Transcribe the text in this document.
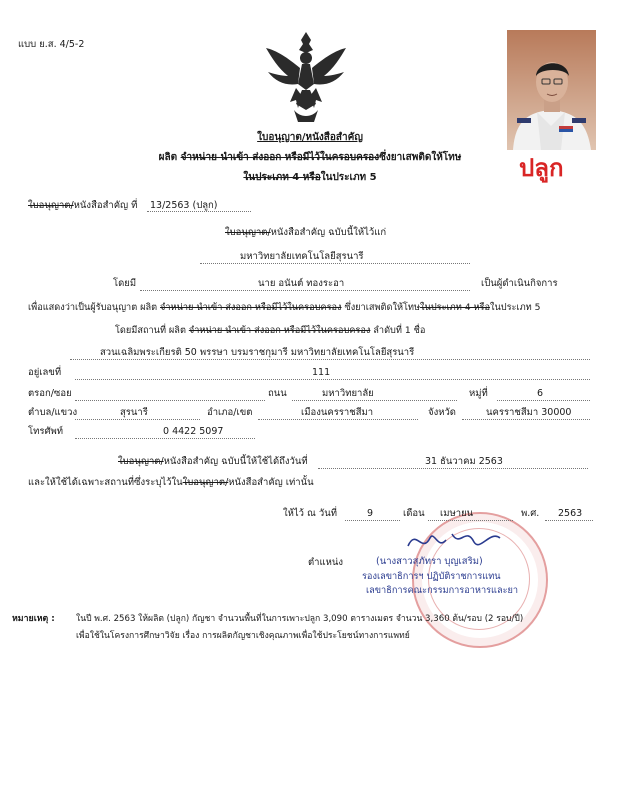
แบบ ย.ส. 4/5-2
ใบอนุญาต/หนังสือสำคัญ
ผลิต จำหน่าย นำเข้า ส่งออก หรือมีไว้ในครอบครองซึ่งยาเสพติดให้โทษ
ในประเภท 4 หรือในประเภท 5	ปลูก
ใบอนุญาต/หนังสือสำคัญ ที่ 13/2563 (ปลูก)
ใบอนุญาต/หนังสือสำคัญ ฉบับนี้ให้ไว้แก่
มหาวิทยาลัยเทคโนโลยีสุรนารี
โดยมี	นาย อนันต์ ทองระอา	เป็นผู้ดำเนินกิจการ
เพื่อแสดงว่าเป็นผู้รับอนุญาต ผลิต จำหน่าย นำเข้า ส่งออก หรือมีไว้ในครอบครอง ซึ่งยาเสพติดให้โทษในประเภท 4 หรือในประเภท 5
โดยมีสถานที่ ผลิต จำหน่าย นำเข้า ส่งออก หรือมีไว้ในครอบครอง ลำดับที่ 1 ชื่อ
สวนเฉลิมพระเกียรติ 50 พรรษา บรมราชกุมารี มหาวิทยาลัยเทคโนโลยีสุรนารี
อยู่เลขที่	111
ตรอก/ซอย	ถนน	มหาวิทยาลัย	หมู่ที่	6
ตำบล/แขวง	สุรนารี	อำเภอ/เขต	เมืองนครราชสีมา	จังหวัด	นครราชสีมา 30000
โทรศัพท์	0 4422 5097
ใบอนุญาต/หนังสือสำคัญ ฉบับนี้ให้ใช้ได้ถึงวันที่	31 ธันวาคม 2563
และให้ใช้ได้เฉพาะสถานที่ซึ่งระบุไว้ในใบอนุญาต/หนังสือสำคัญ เท่านั้น
ให้ไว้ ณ วันที่	9	เดือน เมษายน	พ.ศ. 2563
ตำแหน่ง	(นางสาวสุภัทรา บุญเสริม)
รองเลขาธิการฯ ปฏิบัติราชการแทน
เลขาธิการคณะกรรมการอาหารและยา
หมายเหตุ : ในปี พ.ศ. 2563 ให้ผลิต (ปลูก) กัญชา จำนวนพื้นที่ในการเพาะปลูก 3,090 ตารางเมตร จำนวน 3,360 ต้น/รอบ (2 รอบ/ปี)
เพื่อใช้ในโครงการศึกษาวิจัย เรื่อง การผลิตกัญชาเชิงคุณภาพเพื่อใช้ประโยชน์ทางการแพทย์
